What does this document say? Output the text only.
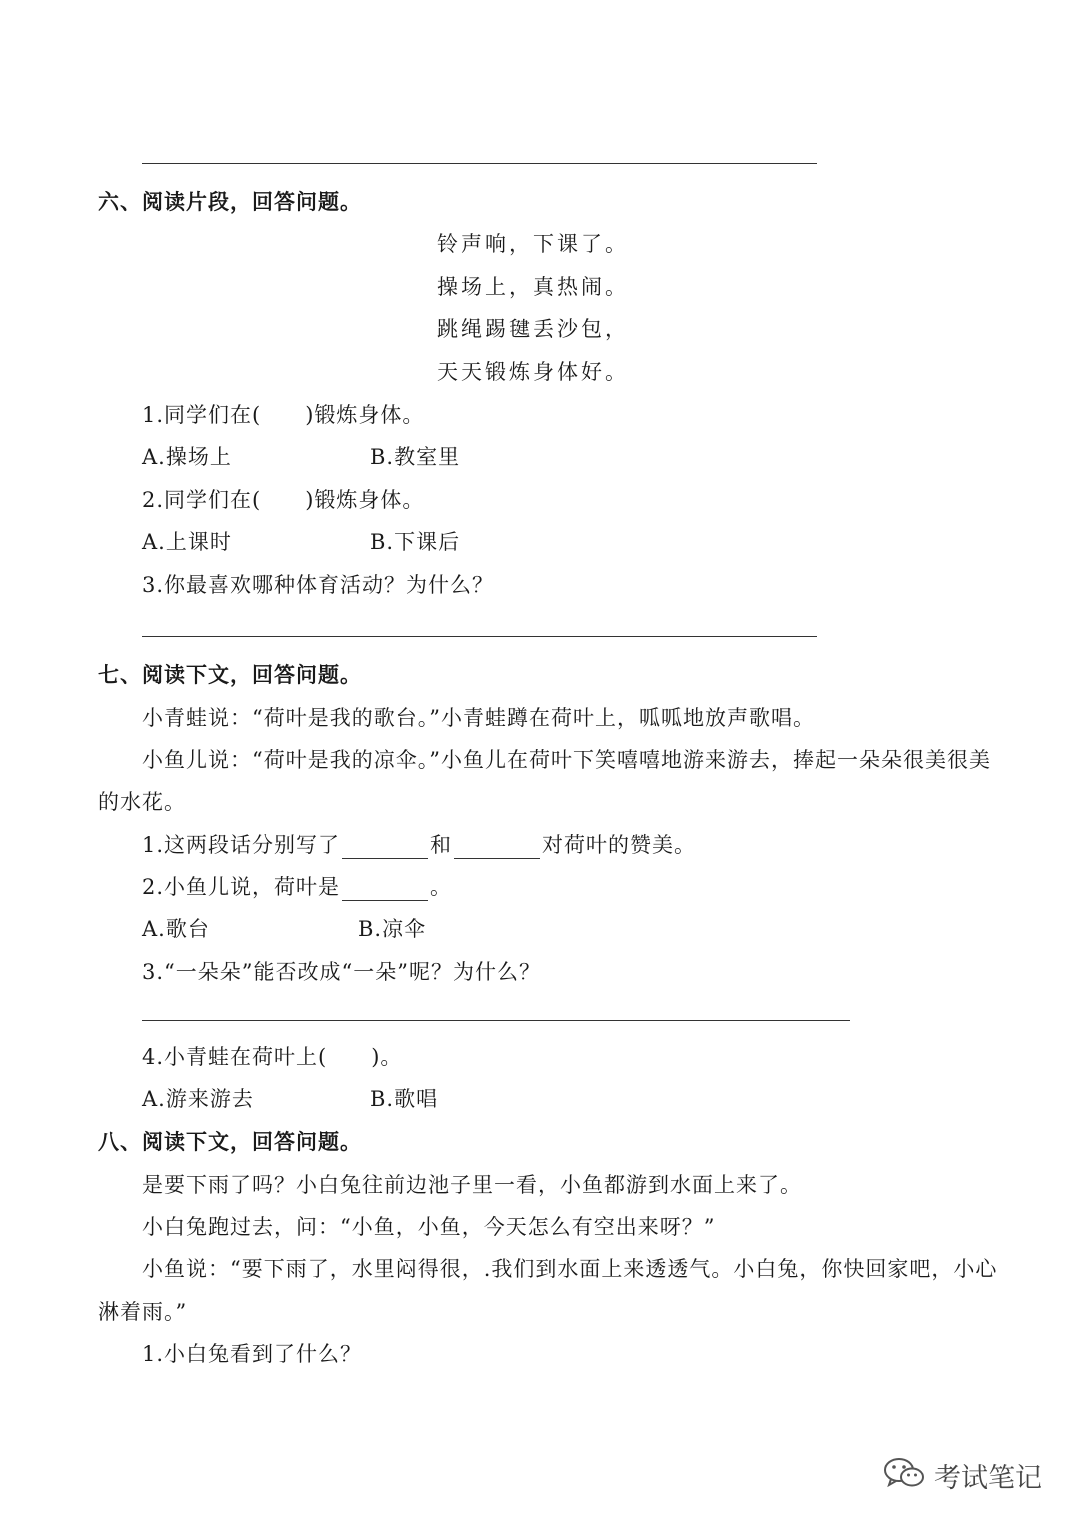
六、阅读片段，回答问题。
铃声响，下课了。
操场上，真热闹。
跳绳踢毽丢沙包，
天天锻炼身体好。
1.同学们在(　　)锻炼身体。
A.操场上	B.教室里
2.同学们在(　　)锻炼身体。
A.上课时	B.下课后
3.你最喜欢哪种体育活动？为什么？
七、阅读下文，回答问题。
小青蛙说：“荷叶是我的歌台。”小青蛙蹲在荷叶上，呱呱地放声歌唱。
小鱼儿说：“荷叶是我的凉伞。”小鱼儿在荷叶下笑嘻嘻地游来游去，捧起一朵朵很美很美
的水花。
1.这两段话分别写了	和	对荷叶的赞美。
2.小鱼儿说，荷叶是	。
A.歌台	B.凉伞
3.“一朵朵”能否改成“一朵”呢？为什么？
4.小青蛙在荷叶上(　　)。
A.游来游去	B.歌唱
八、阅读下文，回答问题。
是要下雨了吗？小白兔往前边池子里一看，小鱼都游到水面上来了。
小白兔跑过去，问：“小鱼，小鱼，今天怎么有空出来呀？”
小鱼说：“要下雨了，水里闷得很，.我们到水面上来透透气。小白兔，你快回家吧，小心
淋着雨。”
1.小白兔看到了什么？
考试笔记
